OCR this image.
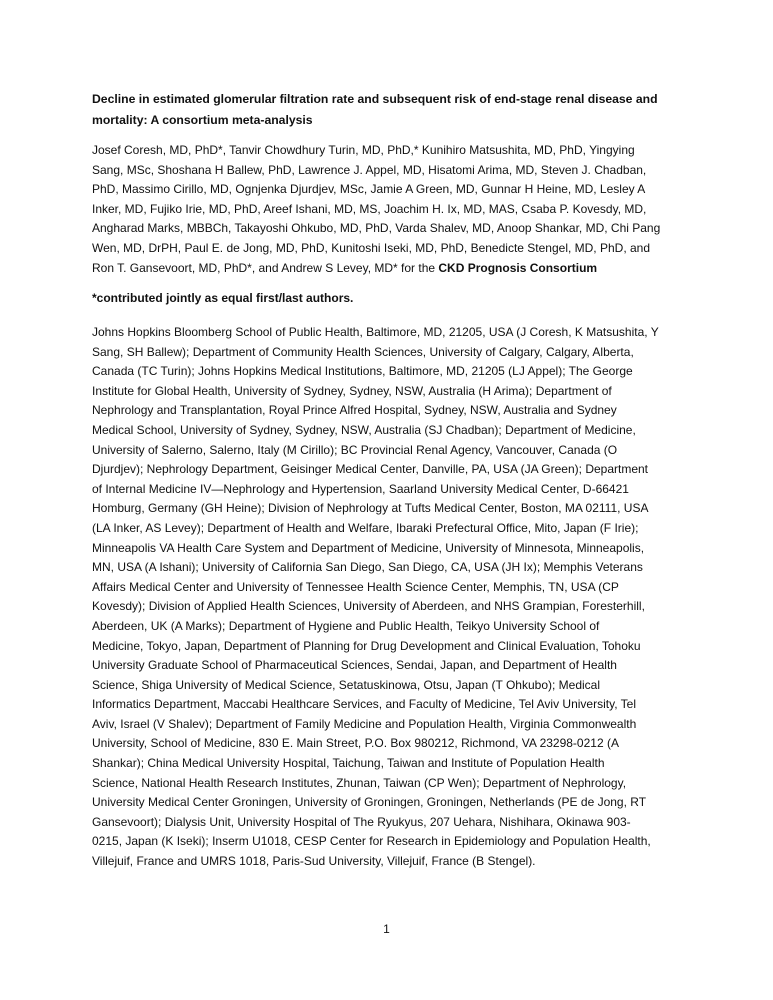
Decline in estimated glomerular filtration rate and subsequent risk of end-stage renal disease and
mortality: A consortium meta-analysis
Josef Coresh, MD, PhD*, Tanvir Chowdhury Turin, MD, PhD,* Kunihiro Matsushita, MD, PhD, Yingying
Sang, MSc, Shoshana H Ballew, PhD, Lawrence J. Appel, MD, Hisatomi Arima, MD, Steven J. Chadban,
PhD, Massimo Cirillo, MD, Ognjenka Djurdjev, MSc, Jamie A Green, MD, Gunnar H Heine, MD, Lesley A
Inker, MD, Fujiko Irie, MD, PhD, Areef Ishani, MD, MS, Joachim H. Ix, MD, MAS, Csaba P. Kovesdy, MD,
Angharad Marks, MBBCh, Takayoshi Ohkubo, MD, PhD, Varda Shalev, MD, Anoop Shankar, MD, Chi Pang
Wen, MD, DrPH, Paul E. de Jong, MD, PhD, Kunitoshi Iseki, MD, PhD, Benedicte Stengel, MD, PhD, and
Ron T. Gansevoort, MD, PhD*, and Andrew S Levey, MD* for the CKD Prognosis Consortium
*contributed jointly as equal first/last authors.
Johns Hopkins Bloomberg School of Public Health, Baltimore, MD, 21205, USA (J Coresh, K Matsushita, Y
Sang, SH Ballew); Department of Community Health Sciences, University of Calgary, Calgary, Alberta,
Canada (TC Turin); Johns Hopkins Medical Institutions, Baltimore, MD, 21205 (LJ Appel); The George
Institute for Global Health, University of Sydney, Sydney, NSW, Australia (H Arima); Department of
Nephrology and Transplantation, Royal Prince Alfred Hospital, Sydney, NSW, Australia and Sydney
Medical School, University of Sydney, Sydney, NSW, Australia (SJ Chadban); Department of Medicine,
University of Salerno, Salerno, Italy (M Cirillo); BC Provincial Renal Agency, Vancouver, Canada (O
Djurdjev); Nephrology Department, Geisinger Medical Center, Danville, PA, USA (JA Green); Department
of Internal Medicine IV—Nephrology and Hypertension, Saarland University Medical Center, D-66421
Homburg, Germany (GH Heine); Division of Nephrology at Tufts Medical Center, Boston, MA 02111, USA
(LA Inker, AS Levey); Department of Health and Welfare, Ibaraki Prefectural Office, Mito, Japan (F Irie);
Minneapolis VA Health Care System and Department of Medicine, University of Minnesota, Minneapolis,
MN, USA (A Ishani); University of California San Diego, San Diego, CA, USA (JH Ix); Memphis Veterans
Affairs Medical Center and University of Tennessee Health Science Center, Memphis, TN, USA (CP
Kovesdy); Division of Applied Health Sciences, University of Aberdeen, and NHS Grampian, Foresterhill,
Aberdeen, UK (A Marks); Department of Hygiene and Public Health, Teikyo University School of
Medicine, Tokyo, Japan, Department of Planning for Drug Development and Clinical Evaluation, Tohoku
University Graduate School of Pharmaceutical Sciences, Sendai, Japan, and Department of Health
Science, Shiga University of Medical Science, Setatuskinowa, Otsu, Japan (T Ohkubo); Medical
Informatics Department, Maccabi Healthcare Services, and Faculty of Medicine, Tel Aviv University, Tel
Aviv, Israel (V Shalev); Department of Family Medicine and Population Health, Virginia Commonwealth
University, School of Medicine, 830 E. Main Street, P.O. Box 980212, Richmond, VA 23298-0212 (A
Shankar); China Medical University Hospital, Taichung, Taiwan and Institute of Population Health
Science, National Health Research Institutes, Zhunan, Taiwan (CP Wen); Department of Nephrology,
University Medical Center Groningen, University of Groningen, Groningen, Netherlands (PE de Jong, RT
Gansevoort); Dialysis Unit, University Hospital of The Ryukyus, 207 Uehara, Nishihara, Okinawa 903-
0215, Japan (K Iseki); Inserm U1018, CESP Center for Research in Epidemiology and Population Health,
Villejuif, France and UMRS 1018, Paris-Sud University, Villejuif, France (B Stengel).
1
